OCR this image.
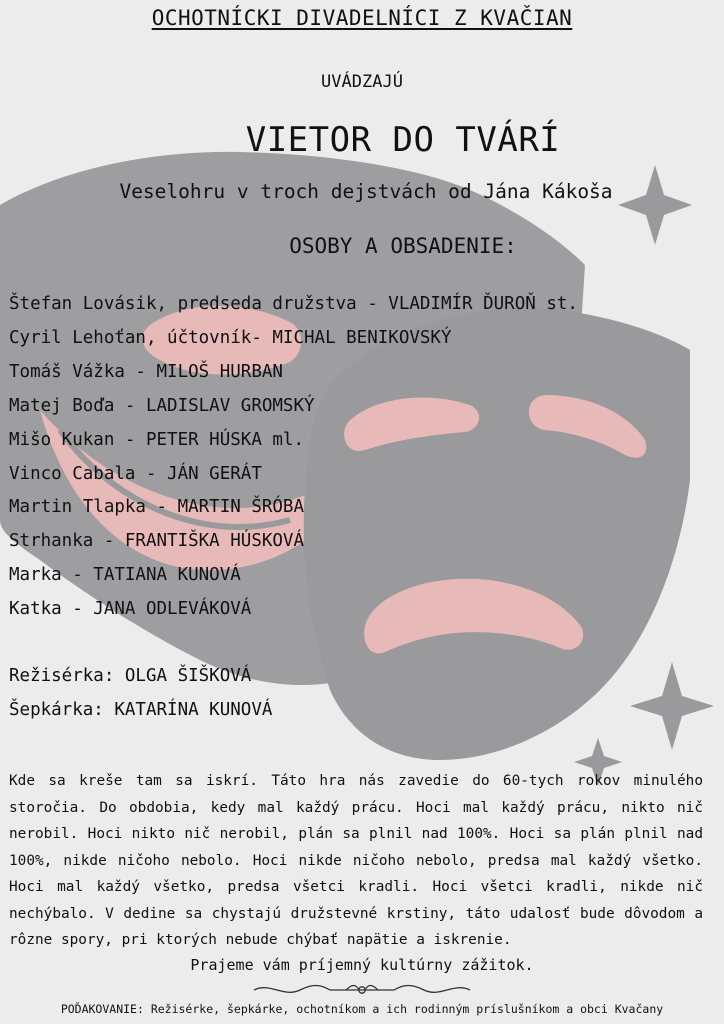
OCHOTNÍCKI DIVADELNÍCI Z KVAČIAN
UVÁDZAJÚ
VIETOR DO TVÁRÍ
Veselohru v troch dejstvách od Jána Kákoša
OSOBY A OBSADENIE:
Štefan Lovásik, predseda družstva - VLADIMÍR ĎUROŇ st.
Cyril Lehoťan, účtovník- MICHAL BENIKOVSKÝ
Tomáš Vážka - MILOŠ HURBAN
Matej Boďa - LADISLAV GROMSKÝ
Mišo Kukan - PETER HÚSKA ml.
Vinco Cabala - JÁN GERÁT
Martin Tlapka - MARTIN ŠRÓBA
Strhanka - FRANTIŠKA HÚSKOVÁ
Marka - TATIANA KUNOVÁ
Katka - JANA ODLEVÁKOVÁ
Režisérka: OLGA ŠIŠKOVÁ
Šepkárka: KATARÍNA KUNOVÁ
Kde sa kreše tam sa iskrí. Táto hra nás zavedie do 60-tych rokov minulého storočia. Do obdobia, kedy mal každý prácu. Hoci mal každý prácu, nikto nič nerobil. Hoci nikto nič nerobil, plán sa plnil nad 100%. Hoci sa plán plnil nad 100%, nikde ničoho nebolo. Hoci nikde ničoho nebolo, predsa mal každý všetko. Hoci mal každý všetko, predsa všetci kradli. Hoci všetci kradli, nikde nič nechýbalo. V dedine sa chystajú družstevné krstiny, táto udalosť bude dôvodom a rôzne spory, pri ktorých nebude chýbať napätie a iskrenie.
Prajeme vám príjemný kultúrny zážitok.
POĎAKOVANIE: Režisérke, šepkárke, ochotníkom a ich rodinným príslušníkom a obci Kvačany
